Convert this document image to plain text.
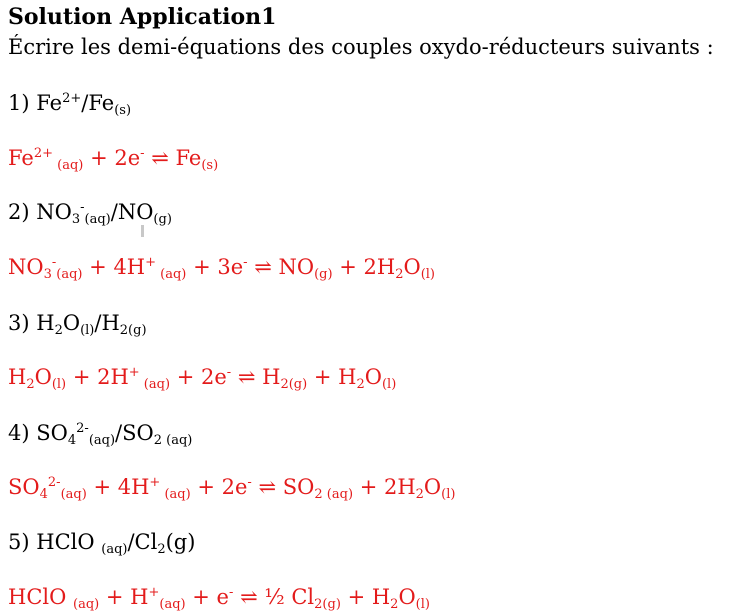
Solution Application1
Écrire les demi-équations des couples oxydo-réducteurs suivants :
1) $Fe^{2+}/Fe_{(s)}$
$Fe^{2+}$ $_{(aq)}$ + 2e- ⇌ $Fe_{(s)}$
2) $NO_3^-_{(aq)}/NO_{(g)}$
$NO_3^-_{(aq)} + 4H^+$ $_{(aq)}$ + 3e- ⇌ $NO_{(g)} + 2H_2O_{(l)}$
3) $H_2O_{(l)}/H_{2(g)}$
$H_2O_{(l)} + 2H^+$ $_{(aq)}$ + 2e- ⇌ $H_{2(g)} + H_2O_{(l)}$
4) $SO_4^{2-}_{(aq)}/SO_{2 (aq)}$
$SO_4^{2-}_{(aq)} + 4H^+$ $_{(aq)}$ + 2e- ⇌ $SO_{2 (aq)} + 2H_2O_{(l)}$
5) HClO $_{(aq)}/Cl_2(g)$
HClO $_{(aq)} + H^+_{(aq)} + e^-$ ⇌ ½ $Cl_{2(g)} + H_2O_{(l)}$
